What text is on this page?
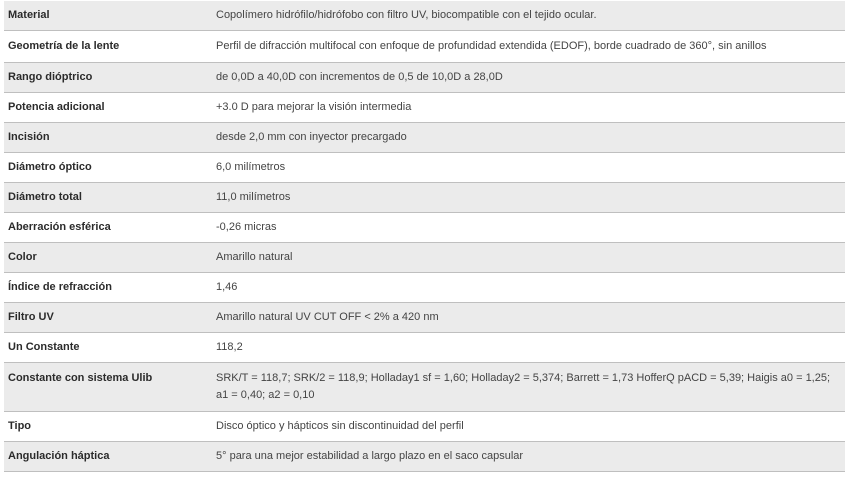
Material	Copolímero hidrófilo/hidrófobo con filtro UV, biocompatible con el tejido ocular.
Geometría de la lente	Perfil de difracción multifocal con enfoque de profundidad extendida (EDOF), borde cuadrado de 360°, sin anillos
Rango dióptrico	de 0,0D a 40,0D con incrementos de 0,5 de 10,0D a 28,0D
Potencia adicional	+3.0 D para mejorar la visión intermedia
Incisión	desde 2,0 mm con inyector precargado
Diámetro óptico	6,0 milímetros
Diámetro total	11,0 milímetros
Aberración esférica	-0,26 micras
Color	Amarillo natural
Índice de refracción	1,46
Filtro UV	Amarillo natural UV CUT OFF < 2% a 420 nm
Un Constante	118,2
Constante con sistema Ulib	SRK/T = 118,7; SRK/2 = 118,9; Holladay1 sf = 1,60; Holladay2 = 5,374; Barrett = 1,73 HofferQ pACD = 5,39; Haigis a0 = 1,25; a1 = 0,40; a2 = 0,10
Tipo	Disco óptico y hápticos sin discontinuidad del perfil
Angulación háptica	5° para una mejor estabilidad a largo plazo en el saco capsular
